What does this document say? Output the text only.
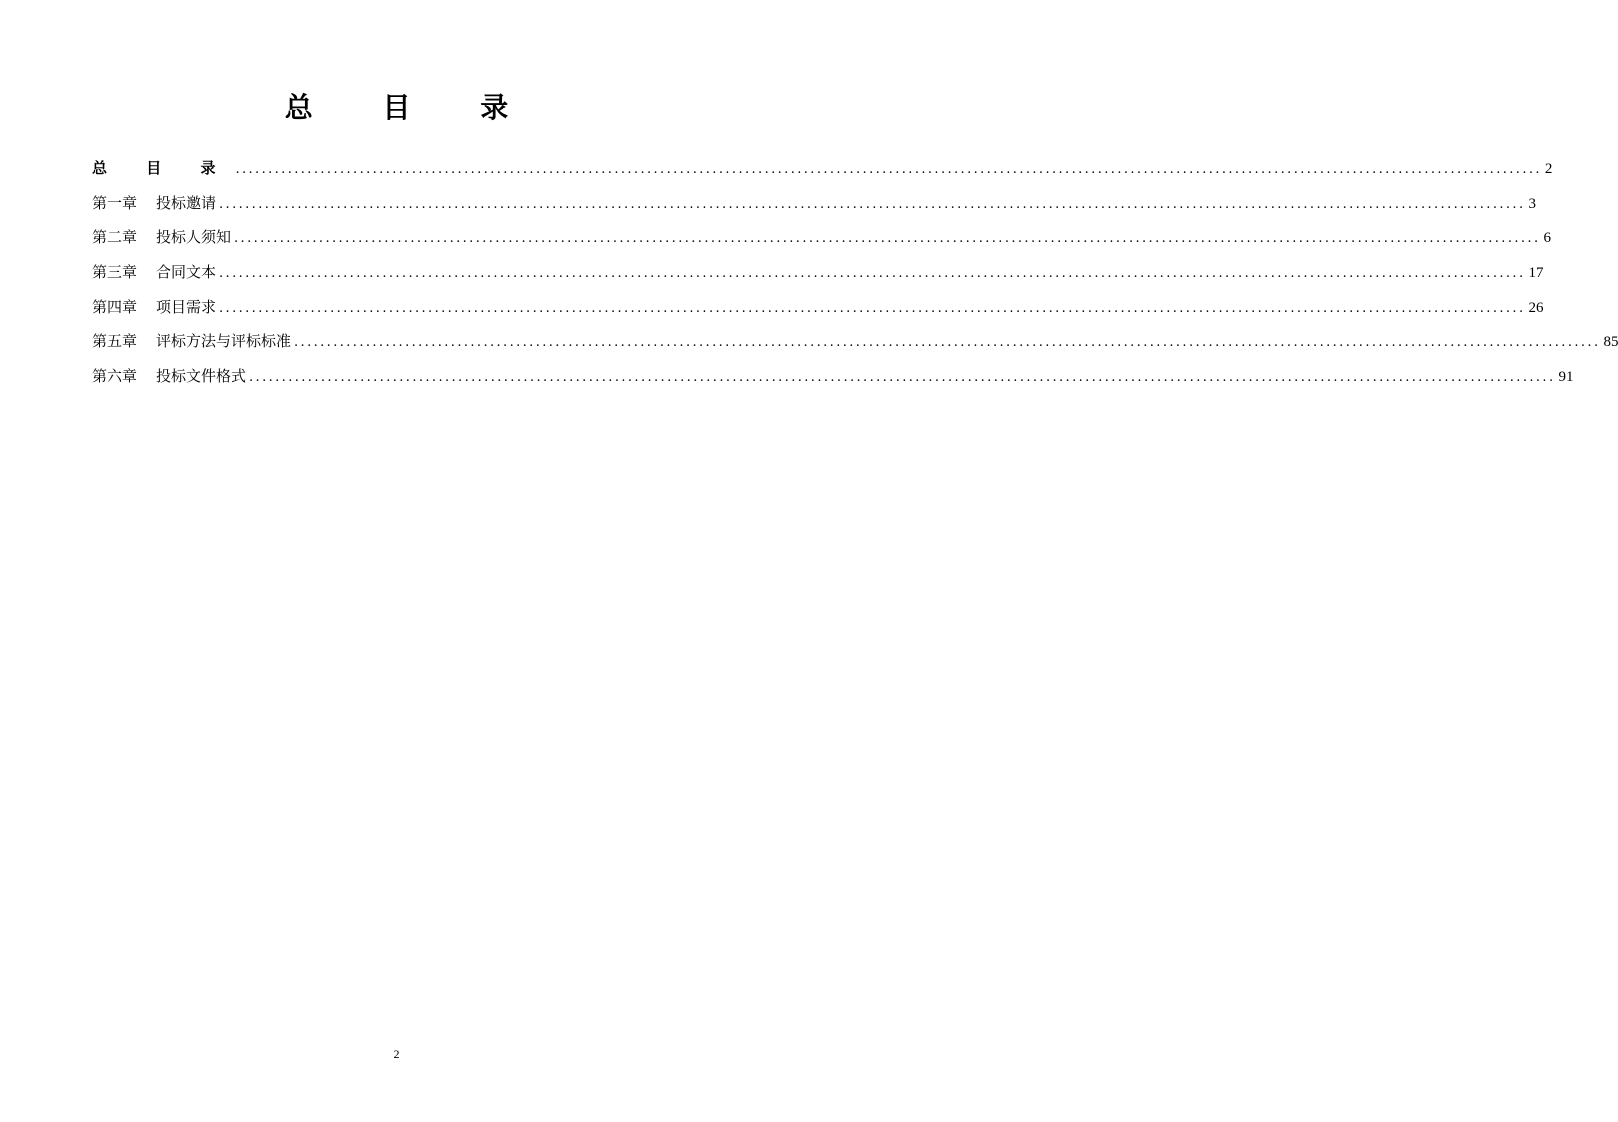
总 目 录
总 目 录 ........................................................................................................................................................................................................ 2
第一章	投标邀请 ........................................................................................................................................................................................................ 3
第二章	投标人须知 ........................................................................................................................................................................................................ 6
第三章	合同文本 ........................................................................................................................................................................................................ 17
第四章	项目需求 ........................................................................................................................................................................................................ 26
第五章	评标方法与评标标准 ........................................................................................................................................................................................................ 85
第六章	投标文件格式 ........................................................................................................................................................................................................ 91
2
